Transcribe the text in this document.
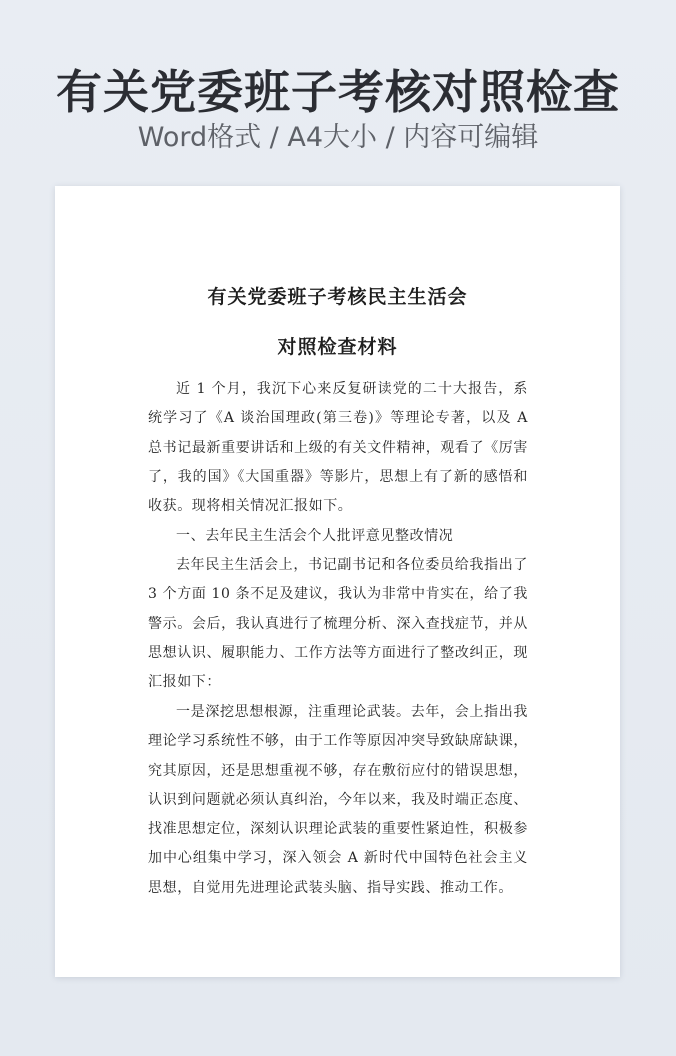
有关党委班子考核对照检查
Word格式 / A4大小 / 内容可编辑
有关党委班子考核民主生活会
对照检查材料

近 1 个月，我沉下心来反复研读党的二十大报告，系统学习了《A 谈治国理政(第三卷)》等理论专著，以及 A 总书记最新重要讲话和上级的有关文件精神，观看了《厉害了，我的国》《大国重器》等影片，思想上有了新的感悟和收获。现将相关情况汇报如下。

一、去年民主生活会个人批评意见整改情况

去年民主生活会上，书记副书记和各位委员给我指出了 3 个方面 10 条不足及建议，我认为非常中肯实在，给了我警示。会后，我认真进行了梳理分析、深入查找症节，并从思想认识、履职能力、工作方法等方面进行了整改纠正，现汇报如下：

一是深挖思想根源，注重理论武装。去年，会上指出我理论学习系统性不够，由于工作等原因冲突导致缺席缺课，究其原因，还是思想重视不够，存在敷衍应付的错误思想，认识到问题就必须认真纠治，今年以来，我及时端正态度、找准思想定位，深刻认识理论武装的重要性紧迫性，积极参加中心组集中学习，深入领会 A 新时代中国特色社会主义思想，自觉用先进理论武装头脑、指导实践、推动工作。
